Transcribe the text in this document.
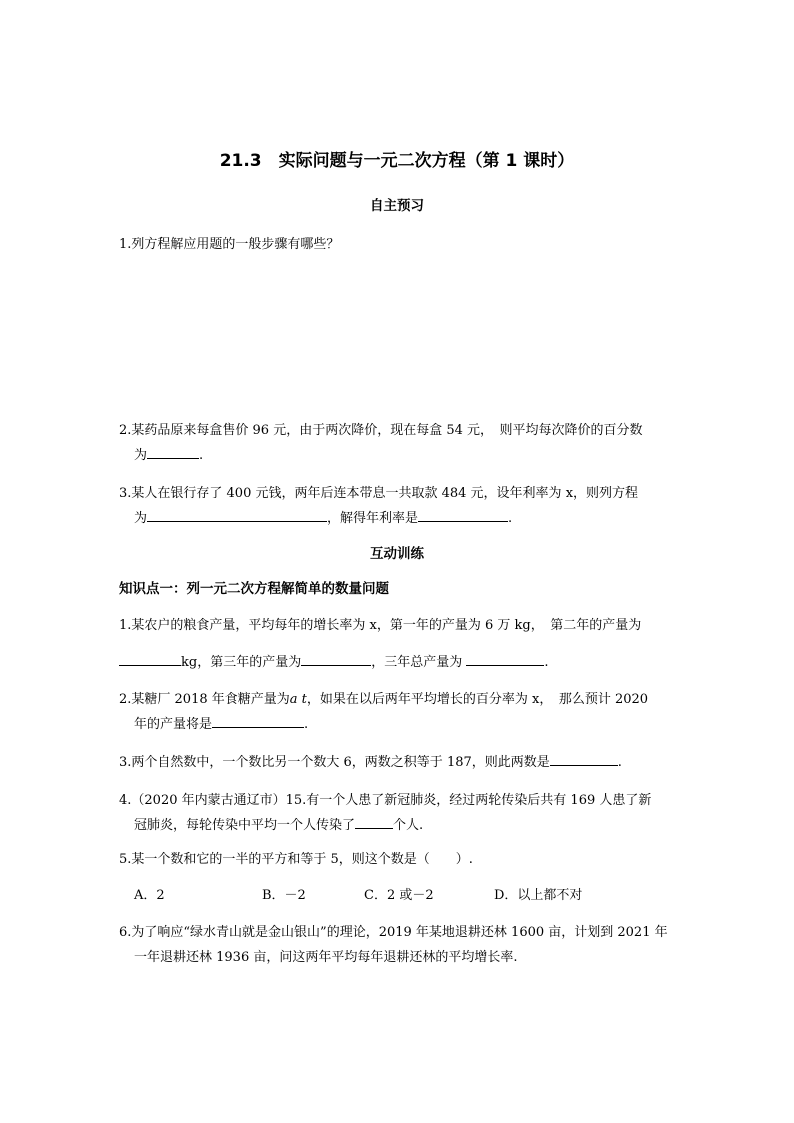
21.3　实际问题与一元二次方程（第 1 课时）
自主预习
1.列方程解应用题的一般步骤有哪些？
2.某药品原来每盒售价 96 元，由于两次降价，现在每盒 54 元，　则平均每次降价的百分数
为	.
3.某人在银行存了 400 元钱，两年后连本带息一共取款 484 元，设年利率为 x，则列方程
为	，解得年利率是	.
互动训练
知识点一：列一元二次方程解简单的数量问题
1.某农户的粮食产量，平均每年的增长率为 x，第一年的产量为 6 万 kg，　第二年的产量为
kg，第三年的产量为	，三年总产量为	.
2.某糖厂 2018 年食糖产量为a t，如果在以后两年平均增长的百分率为 x，　那么预计 2020
年的产量将是	.
3.两个自然数中，一个数比另一个数大 6，两数之积等于 187，则此两数是	.
4.（2020 年内蒙古通辽市）15.有一个人患了新冠肺炎，经过两轮传染后共有 169 人患了新
冠肺炎，每轮传染中平均一个人传染了	个人.
5.某一个数和它的一半的平方和等于 5，则这个数是（　　）.
A．2	B．－2	C．2 或－2	D．以上都不对
6.为了响应“绿水青山就是金山银山”的理论，2019 年某地退耕还林 1600 亩，计划到 2021 年
一年退耕还林 1936 亩，问这两年平均每年退耕还林的平均增长率.
